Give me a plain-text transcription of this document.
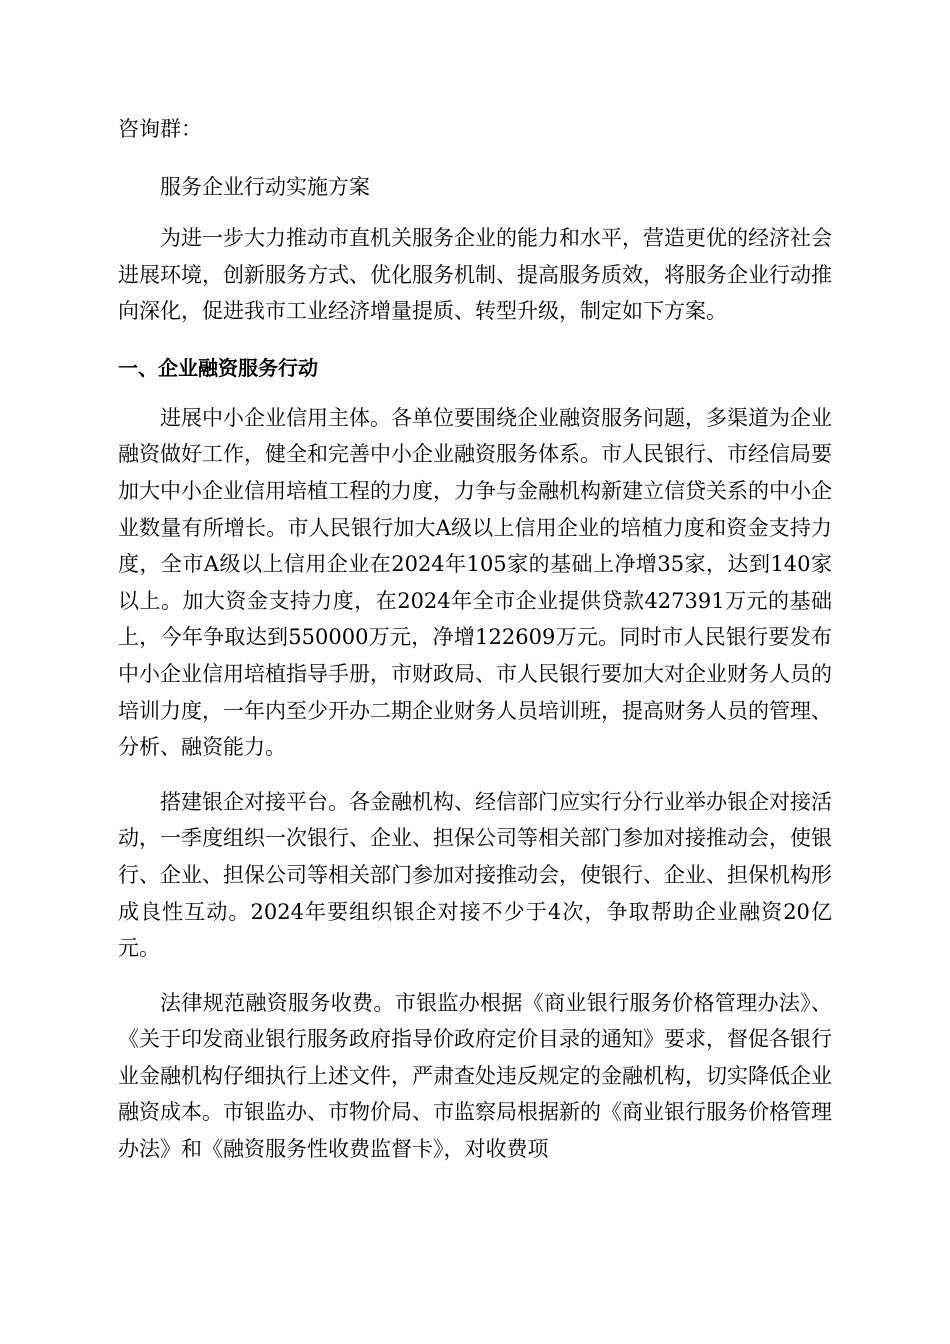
咨询群：

服务企业行动实施方案

为进一步大力推动市直机关服务企业的能力和水平，营造更优的经济社会进展环境，创新服务方式、优化服务机制、提高服务质效，将服务企业行动推向深化，促进我市工业经济增量提质、转型升级，制定如下方案。

一、企业融资服务行动

进展中小企业信用主体。各单位要围绕企业融资服务问题，多渠道为企业融资做好工作，健全和完善中小企业融资服务体系。市人民银行、市经信局要加大中小企业信用培植工程的力度，力争与金融机构新建立信贷关系的中小企业数量有所增长。市人民银行加大A级以上信用企业的培植力度和资金支持力度，全市A级以上信用企业在2024年105家的基础上净增35家，达到140家以上。加大资金支持力度，在2024年全市企业提供贷款427391万元的基础上，今年争取达到550000万元，净增122609万元。同时市人民银行要发布中小企业信用培植指导手册，市财政局、市人民银行要加大对企业财务人员的培训力度，一年内至少开办二期企业财务人员培训班，提高财务人员的管理、分析、融资能力。

搭建银企对接平台。各金融机构、经信部门应实行分行业举办银企对接活动，一季度组织一次银行、企业、担保公司等相关部门参加对接推动会，使银行、企业、担保公司等相关部门参加对接推动会，使银行、企业、担保机构形成良性互动。2024年要组织银企对接不少于4次，争取帮助企业融资20亿元。

法律规范融资服务收费。市银监办根据《商业银行服务价格管理办法》、《关于印发商业银行服务政府指导价政府定价目录的通知》要求，督促各银行业金融机构仔细执行上述文件，严肃查处违反规定的金融机构，切实降低企业融资成本。市银监办、市物价局、市监察局根据新的《商业银行服务价格管理办法》和《融资服务性收费监督卡》，对收费项
